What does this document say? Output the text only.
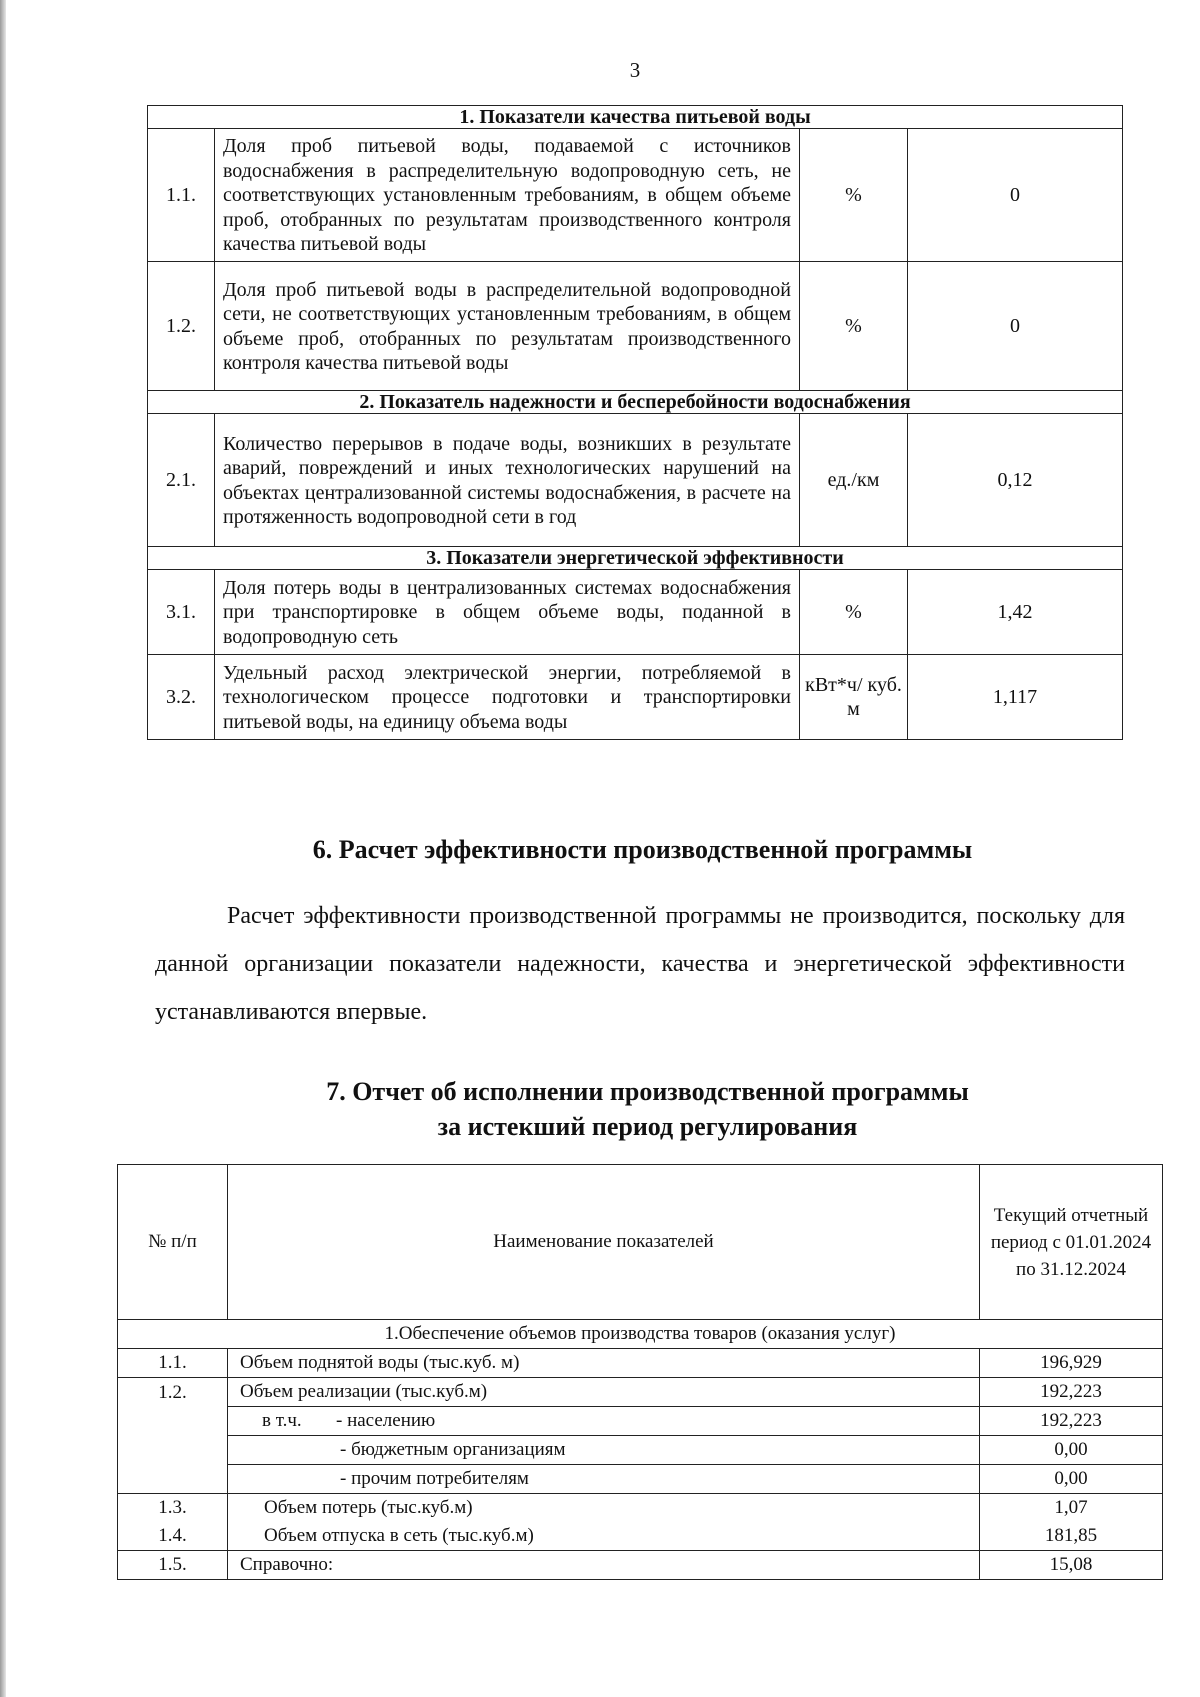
3
1. Показатели качества питьевой воды			
1.1.	Доля проб питьевой воды, подаваемой с источников водоснабжения в распределительную водопроводную сеть, не соответствующих установленным требованиям, в общем объеме проб, отобранных по результатам производственного контроля качества питьевой воды	%	0
1.2.	Доля проб питьевой воды в распределительной водопроводной сети, не соответствующих установленным требованиям, в общем объеме проб, отобранных по результатам производственного контроля качества питьевой воды	%	0
2. Показатель надежности и бесперебойности водоснабжения			
2.1.	Количество перерывов в подаче воды, возникших в результате аварий, повреждений и иных технологических нарушений на объектах централизованной системы водоснабжения, в расчете на протяженность водопроводной сети в год	ед./км	0,12
3. Показатели энергетической эффективности			
3.1.	Доля потерь воды в централизованных системах водоснабжения при транспортировке в общем объеме воды, поданной в водопроводную сеть	%	1,42
3.2.	Удельный расход электрической энергии, потребляемой в технологическом процессе подготовки и транспортировки питьевой воды, на единицу объема воды	кВт*ч/ куб. м	1,117
6. Расчет эффективности производственной программы
Расчет эффективности производственной программы не производится, поскольку для данной организации показатели надежности, качества и энергетической эффективности устанавливаются впервые.
7. Отчет об исполнении производственной программы
за истекший период регулирования
№ п/п	Наименование показателей	Текущий отчетный период с 01.01.2024 по 31.12.2024
1.Обеспечение объемов производства товаров (оказания услуг)		
1.1.	Объем поднятой воды (тыс.куб. м)	196,929
1.2.	Объем реализации (тыс.куб.м)	192,223
	в т.ч. - населению	192,223
	- бюджетным организациям	0,00
	- прочим потребителям	0,00
1.3.	Объем потерь (тыс.куб.м)	1,07
1.4.	Объем отпуска в сеть (тыс.куб.м)	181,85
1.5.	Справочно:	15,08
